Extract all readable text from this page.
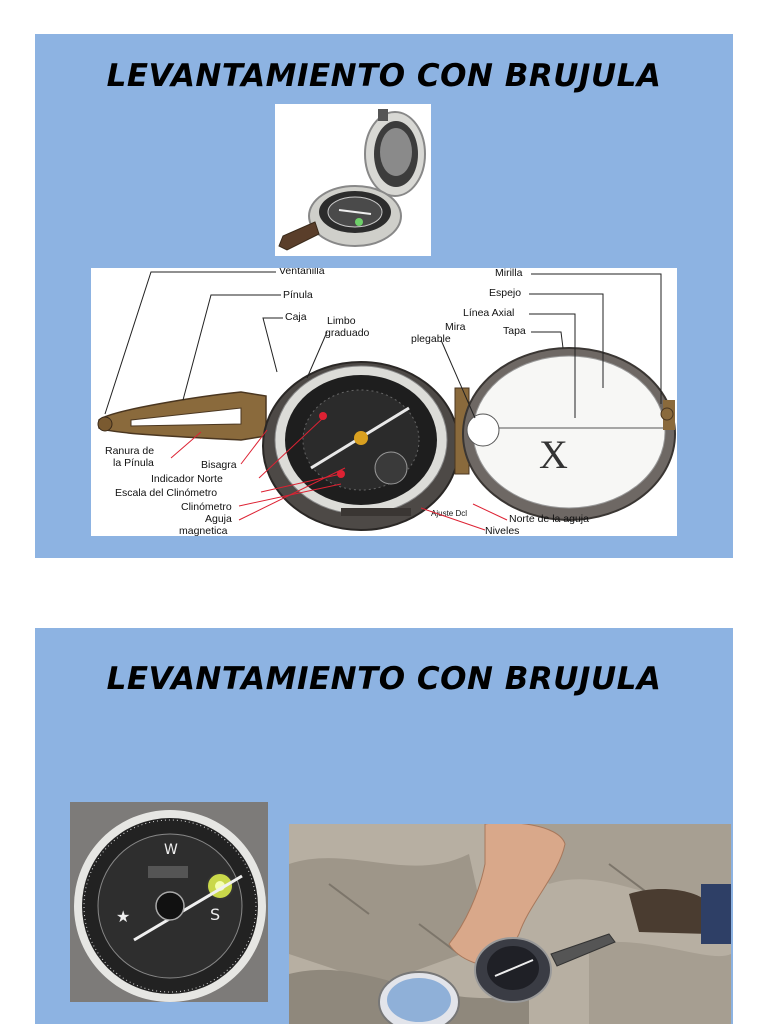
LEVANTAMIENTO CON BRUJULA
X
Ventanilla
Pínula
Caja Limbo
graduado	Mira
plegable
Mirilla
Espejo
Línea Axial
Tapa
Ranura de
la Pínula	Bisagra
Indicador Norte
Escala del Clinómetro
Clinómetro
Aguja
magnetica
Ajuste Dcl	Norte de la aguja
Niveles
LEVANTAMIENTO CON BRUJULA
★	S
W
